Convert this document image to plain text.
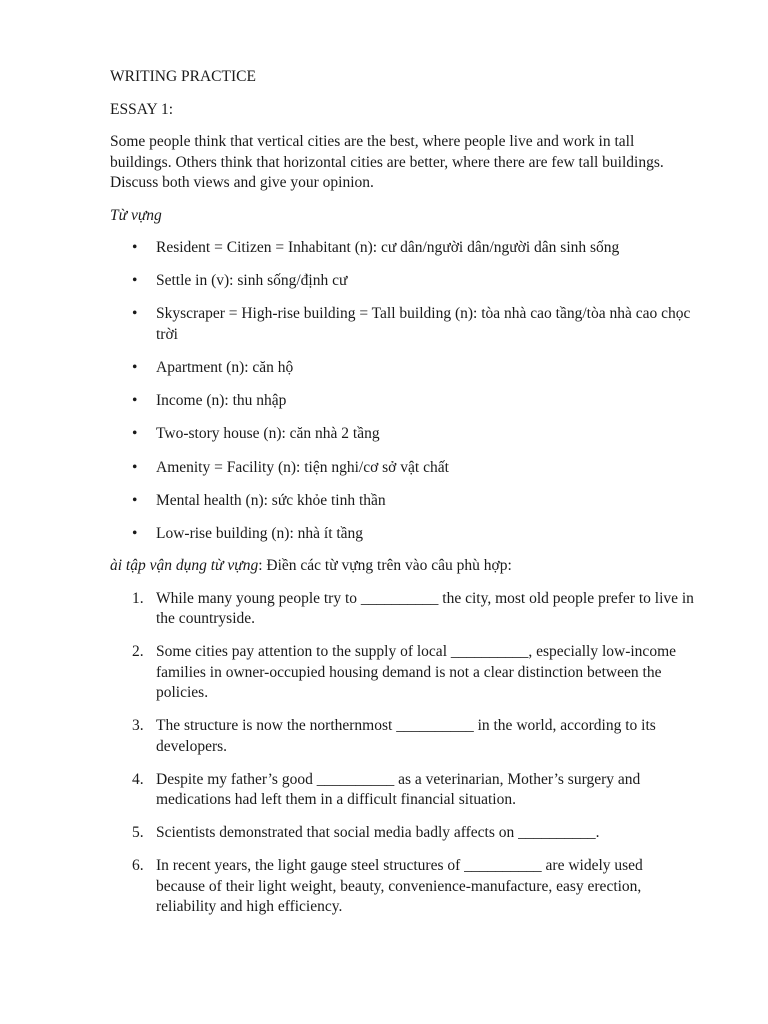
WRITING PRACTICE

ESSAY 1:

Some people think that vertical cities are the best, where people live and work in tall buildings. Others think that horizontal cities are better, where there are few tall buildings. Discuss both views and give your opinion.

Từ vựng

• Resident = Citizen = Inhabitant (n): cư dân/người dân/người dân sinh sống
• Settle in (v): sinh sống/định cư
• Skyscraper = High-rise building = Tall building (n): tòa nhà cao tầng/tòa nhà cao chọc trời
• Apartment (n): căn hộ
• Income (n): thu nhập
• Two-story house (n): căn nhà 2 tầng
• Amenity = Facility (n): tiện nghi/cơ sở vật chất
• Mental health (n): sức khỏe tinh thần
• Low-rise building (n): nhà ít tầng

ài tập vận dụng từ vựng: Điền các từ vựng trên vào câu phù hợp:

1. While many young people try to __________ the city, most old people prefer to live in the countryside.
2. Some cities pay attention to the supply of local __________, especially low-income families in owner-occupied housing demand is not a clear distinction between the policies.
3. The structure is now the northernmost __________ in the world, according to its developers.
4. Despite my father’s good __________ as a veterinarian, Mother’s surgery and medications had left them in a difficult financial situation.
5. Scientists demonstrated that social media badly affects on __________.
6. In recent years, the light gauge steel structures of __________ are widely used because of their light weight, beauty, convenience-manufacture, easy erection, reliability and high efficiency.
